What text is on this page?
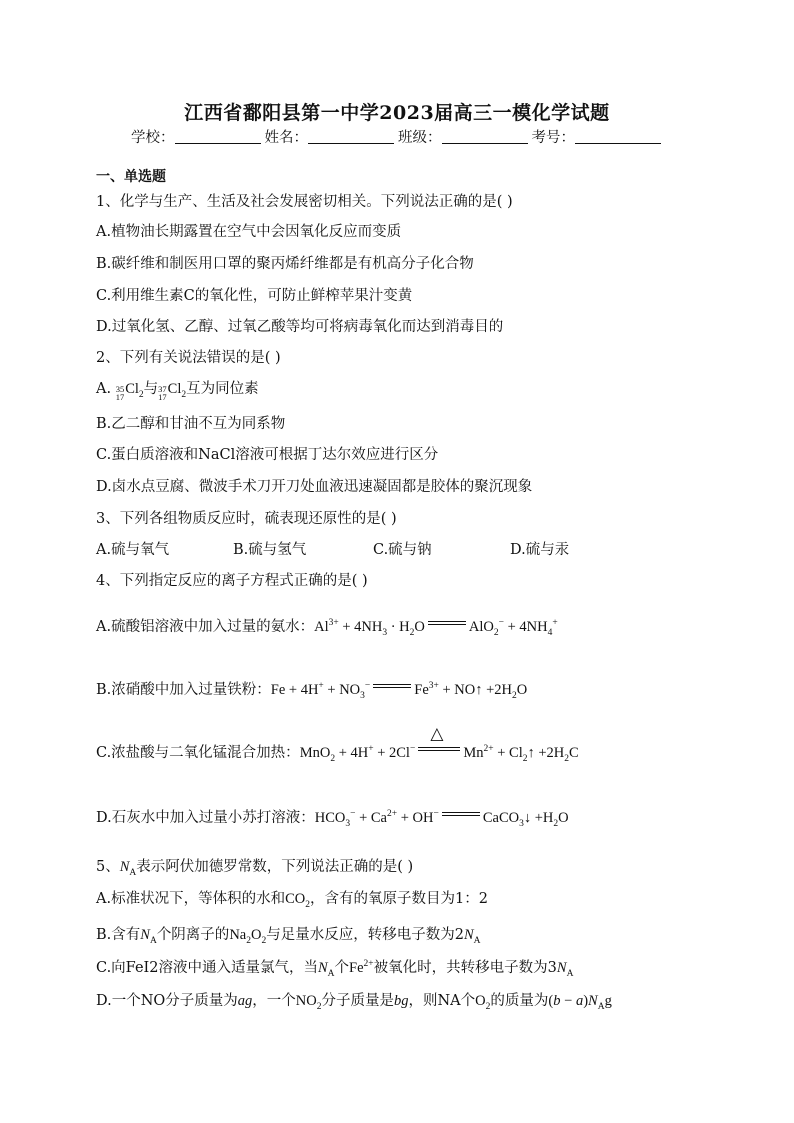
江西省鄱阳县第一中学2023届高三一模化学试题
学校：	姓名：	班级：	考号：
一、单选题
1、化学与生产、生活及社会发展密切相关。下列说法正确的是( )
A.植物油长期露置在空气中会因氧化反应而变质
B.碳纤维和制医用口罩的聚丙烯纤维都是有机高分子化合物
C.利用维生素C的氧化性，可防止鲜榨苹果汁变黄
D.过氧化氢、乙醇、过氧乙酸等均可将病毒氧化而达到消毒目的
2、下列有关说法错误的是( )
A. 35
17 $Cl_2$与 37
17 $Cl_2$互为同位素
B.乙二醇和甘油不互为同系物
C.蛋白质溶液和NaCl溶液可根据丁达尔效应进行区分
D.卤水点豆腐、微波手术刀开刀处血液迅速凝固都是胶体的聚沉现象
3、下列各组物质反应时，硫表现还原性的是( )
A.硫与氧气	B.硫与氢气	C.硫与钠	D.硫与汞
4、下列指定反应的离子方程式正确的是( )
A.硫酸铝溶液中加入过量的氨水：$Al^{3+} + 4NH_3 \cdot H_2O$	$AlO_2^- + 4NH_4^+$
B.浓硝酸中加入过量铁粉：$Fe + 4H^+ + NO_3^-$	$Fe^{3+}$ + NO↑ $+2H_2O$
C.浓盐酸与二氧化锰混合加热：MnO$_2$ + 4H+ + 2Cl−
△
$Mn^{2+}$ + $Cl_2↑ +2H_2C$
D.石灰水中加入过量小苏打溶液：$HCO_3^- + Ca^{2+} + OH^-$	CaCO$_3$↓ $+H_2O$
5、$N_A$表示阿伏加德罗常数，下列说法正确的是( )
A.标准状况下，等体积的水和$CO_2$，含有的氧原子数目为1：2
B.含有$N_A$个阴离子的$Na_2O_2$与足量水反应，转移电子数为$2N_A$
C.向FeI2溶液中通入适量氯气，当$N_A$个$Fe^{2+}$被氧化时，共转移电子数为$3N_A$
D.一个NO分子质量为ag，一个$NO_2$分子质量是bg，则NA个$O_2$的质量为$(b - a)N_Ag$
